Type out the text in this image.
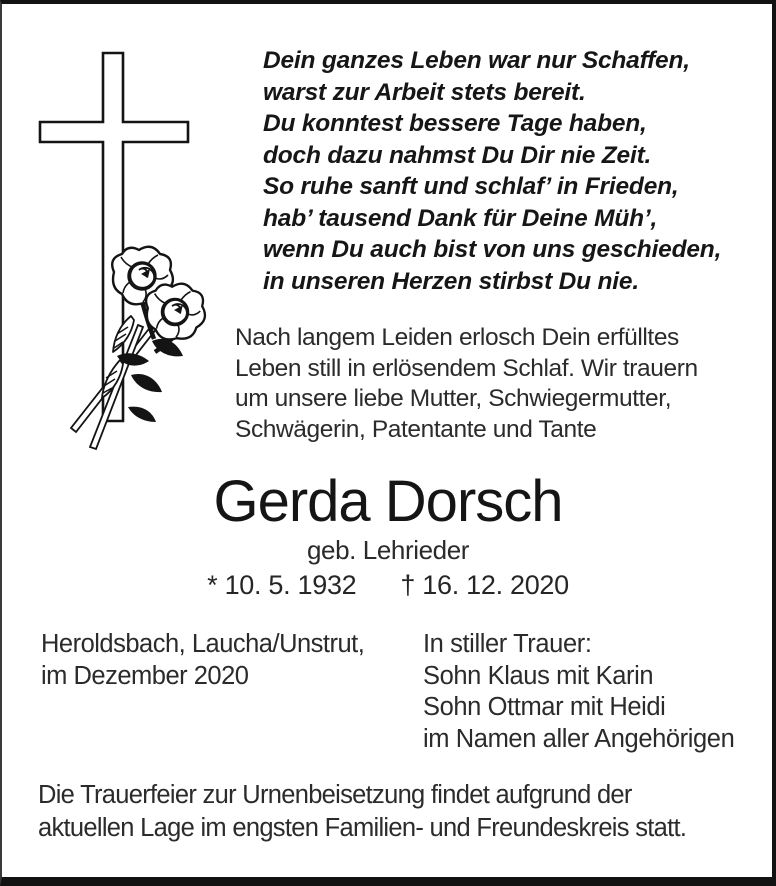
Dein ganzes Leben war nur Schaffen,
warst zur Arbeit stets bereit.
Du konntest bessere Tage haben,
doch dazu nahmst Du Dir nie Zeit.
So ruhe sanft und schlaf’ in Frieden,
hab’ tausend Dank für Deine Müh’,
wenn Du auch bist von uns geschieden,
in unseren Herzen stirbst Du nie.
Nach langem Leiden erlosch Dein erfülltes
Leben still in erlösendem Schlaf. Wir trauern
um unsere liebe Mutter, Schwiegermutter,
Schwägerin, Patentante und Tante
Gerda Dorsch
geb. Lehrieder
* 10. 5. 1932 † 16. 12. 2020
Heroldsbach, Laucha/Unstrut,
im Dezember 2020
In stiller Trauer:
Sohn Klaus mit Karin
Sohn Ottmar mit Heidi
im Namen aller Angehörigen
Die Trauerfeier zur Urnenbeisetzung findet aufgrund der
aktuellen Lage im engsten Familien- und Freundeskreis statt.
